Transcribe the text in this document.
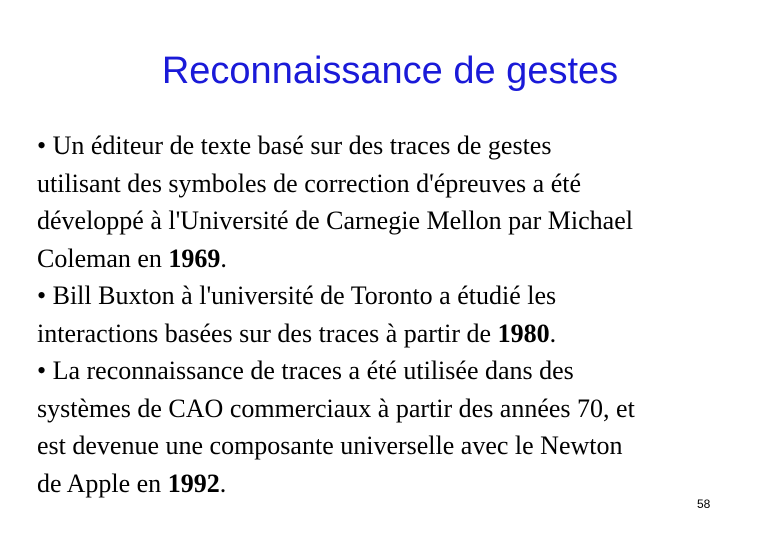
Reconnaissance de gestes
• Un éditeur de texte basé sur des traces de gestes
utilisant des symboles de correction d'épreuves a été
développé à l'Université de Carnegie Mellon par Michael
Coleman en 1969.
• Bill Buxton à l'université de Toronto a étudié les
interactions basées sur des traces à partir de 1980.
• La reconnaissance de traces a été utilisée dans des
systèmes de CAO commerciaux à partir des années 70, et
est devenue une composante universelle avec le Newton
de Apple en 1992.
58
